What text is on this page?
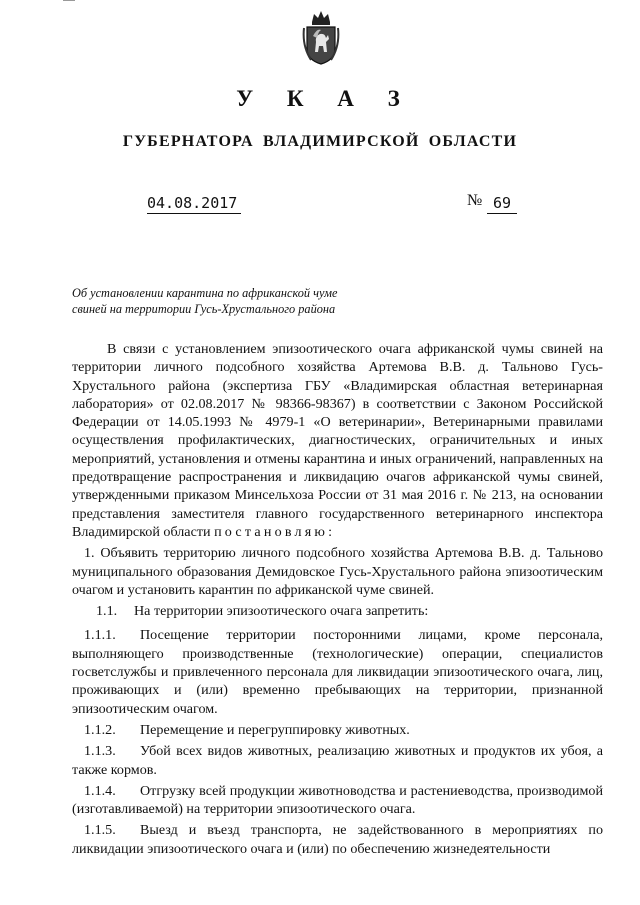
У К А З
ГУБЕРНАТОРА ВЛАДИМИРСКОЙ ОБЛАСТИ
04.08.2017	№ 69
Об установлении карантина по африканской чуме свиней на территории Гусь-Хрустального района

В связи с установлением эпизоотического очага африканской чумы свиней на территории личного подсобного хозяйства Артемова В.В. д. Тальново Гусь-Хрустального района (экспертиза ГБУ «Владимирская областная ветеринарная лаборатория» от 02.08.2017 № 98366-98367) в соответствии с Законом Российской Федерации от 14.05.1993 № 4979-1 «О ветеринарии», Ветеринарными правилами осуществления профилактических, диагностических, ограничительных и иных мероприятий, установления и отмены карантина и иных ограничений, направленных на предотвращение распространения и ликвидацию очагов африканской чумы свиней, утвержденными приказом Минсельхоза России от 31 мая 2016 г. № 213, на основании представления заместителя главного государственного ветеринарного инспектора Владимирской области постановляю:

1. Объявить территорию личного подсобного хозяйства Артемова В.В. д. Тальново муниципального образования Демидовское Гусь-Хрустального района эпизоотическим очагом и установить карантин по африканской чуме свиней.

1.1. На территории эпизоотического очага запретить:

1.1.1. Посещение территории посторонними лицами, кроме персонала, выполняющего производственные (технологические) операции, специалистов госветслужбы и привлеченного персонала для ликвидации эпизоотического очага, лиц, проживающих и (или) временно пребывающих на территории, признанной эпизоотическим очагом.

1.1.2. Перемещение и перегруппировку животных.

1.1.3. Убой всех видов животных, реализацию животных и продуктов их убоя, а также кормов.

1.1.4. Отгрузку всей продукции животноводства и растениеводства, производимой (изготавливаемой) на территории эпизоотического очага.

1.1.5. Выезд и въезд транспорта, не задействованного в мероприятиях по ликвидации эпизоотического очага и (или) по обеспечению жизнедеятельности
